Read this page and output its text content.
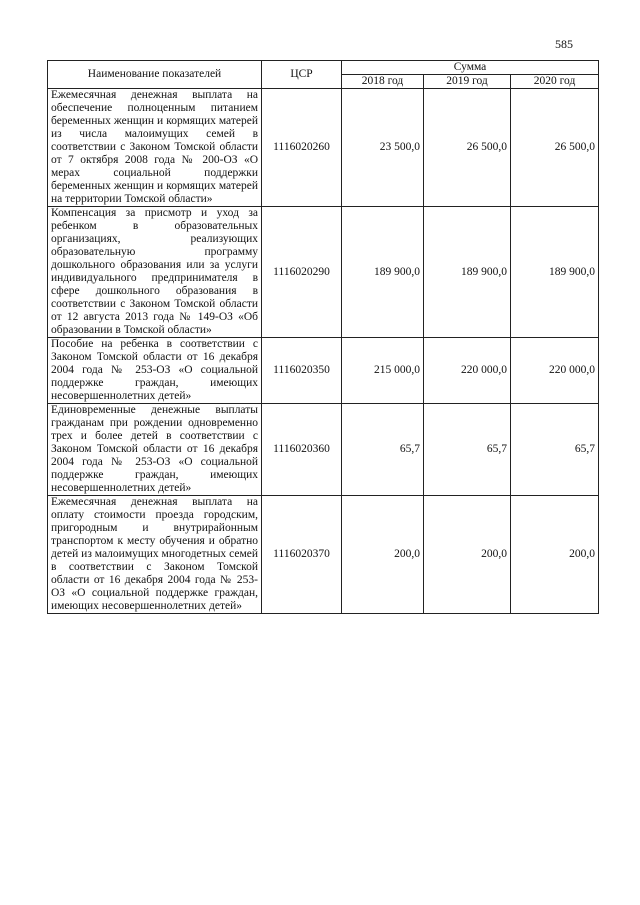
585
Наименование показателей	ЦСР	Сумма		
		2018 год	2019 год	2020 год
Ежемесячная денежная выплата на обеспечение полноценным питанием беременных женщин и кормящих матерей из числа малоимущих семей в соответствии с Законом Томской области от 7 октября 2008 года № 200-ОЗ «О мерах социальной поддержки беременных женщин и кормящих матерей на территории Томской области»	1116020260	23 500,0	26 500,0	26 500,0
Компенсация за присмотр и уход за ребенком в образовательных организациях, реализующих образовательную программу дошкольного образования или за услуги индивидуального предпринимателя в сфере дошкольного образования в соответствии с Законом Томской области от 12 августа 2013 года № 149-ОЗ «Об образовании в Томской области»	1116020290	189 900,0	189 900,0	189 900,0
Пособие на ребенка в соответствии с Законом Томской области от 16 декабря 2004 года № 253-ОЗ «О социальной поддержке граждан, имеющих несовершеннолетних детей»	1116020350	215 000,0	220 000,0	220 000,0
Единовременные денежные выплаты гражданам при рождении одновременно трех и более детей в соответствии с Законом Томской области от 16 декабря 2004 года № 253-ОЗ «О социальной поддержке граждан, имеющих несовершеннолетних детей»	1116020360	65,7	65,7	65,7
Ежемесячная денежная выплата на оплату стоимости проезда городским, пригородным и внутрирайонным транспортом к месту обучения и обратно детей из малоимущих многодетных семей в соответствии с Законом Томской области от 16 декабря 2004 года № 253-ОЗ «О социальной поддержке граждан, имеющих несовершеннолетних детей»	1116020370	200,0	200,0	200,0
